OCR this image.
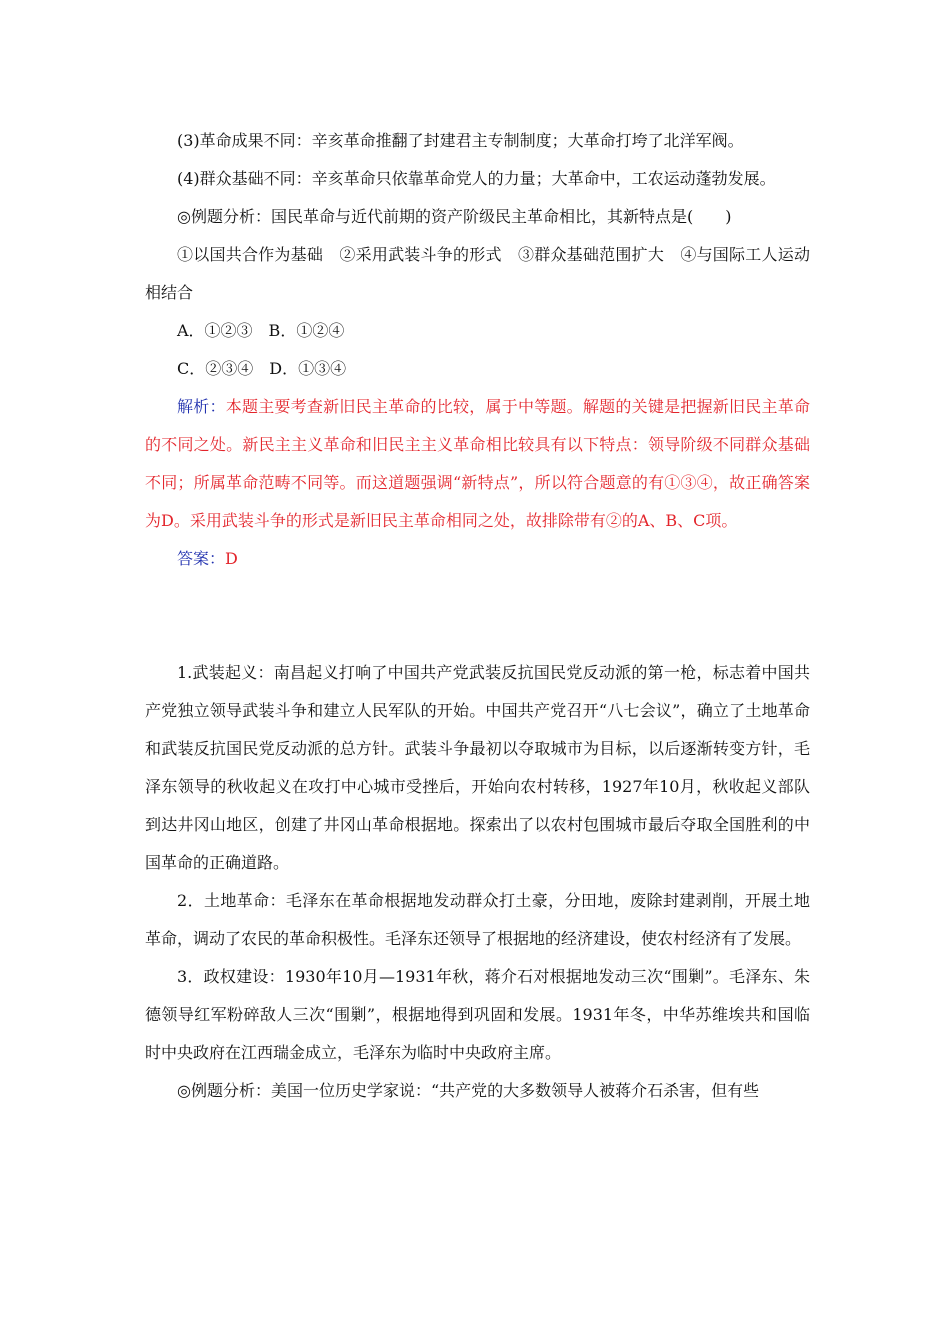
(3)革命成果不同：辛亥革命推翻了封建君主专制制度；大革命打垮了北洋军阀。

(4)群众基础不同：辛亥革命只依靠革命党人的力量；大革命中，工农运动蓬勃发展。

◎例题分析：国民革命与近代前期的资产阶级民主革命相比，其新特点是(　　)

①以国共合作为基础　②采用武装斗争的形式　③群众基础范围扩大　④与国际工人运动相结合

A．①②③　B．①②④

C．②③④　D．①③④

解析：本题主要考查新旧民主革命的比较，属于中等题。解题的关键是把握新旧民主革命的不同之处。新民主主义革命和旧民主主义革命相比较具有以下特点：领导阶级不同群众基础不同；所属革命范畴不同等。而这道题强调“新特点”，所以符合题意的有①③④，故正确答案为D。采用武装斗争的形式是新旧民主革命相同之处，故排除带有②的A、B、C项。

答案：D

1.武装起义：南昌起义打响了中国共产党武装反抗国民党反动派的第一枪，标志着中国共产党独立领导武装斗争和建立人民军队的开始。中国共产党召开“八七会议”，确立了土地革命和武装反抗国民党反动派的总方针。武装斗争最初以夺取城市为目标，以后逐渐转变方针，毛泽东领导的秋收起义在攻打中心城市受挫后，开始向农村转移，1927年10月，秋收起义部队到达井冈山地区，创建了井冈山革命根据地。探索出了以农村包围城市最后夺取全国胜利的中国革命的正确道路。

2．土地革命：毛泽东在革命根据地发动群众打土豪，分田地，废除封建剥削，开展土地革命，调动了农民的革命积极性。毛泽东还领导了根据地的经济建设，使农村经济有了发展。

3．政权建设：1930年10月—1931年秋，蒋介石对根据地发动三次“围剿”。毛泽东、朱德领导红军粉碎敌人三次“围剿”，根据地得到巩固和发展。1931年冬，中华苏维埃共和国临时中央政府在江西瑞金成立，毛泽东为临时中央政府主席。

◎例题分析：美国一位历史学家说：“共产党的大多数领导人被蒋介石杀害，但有些
